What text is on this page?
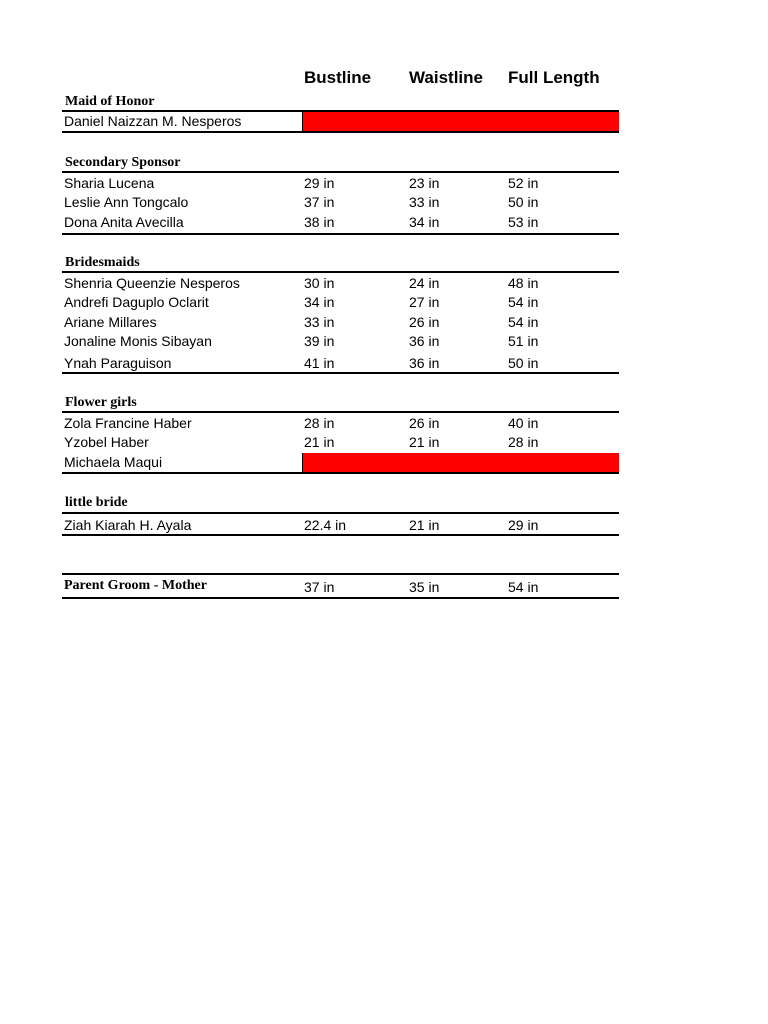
Bustline Waistline Full Length
Maid of Honor
Daniel Naizzan M. Nesperos
Secondary Sponsor
Sharia Lucena	29 in	23 in	52 in
Leslie Ann Tongcalo	37 in	33 in	50 in
Dona Anita Avecilla	38 in	34 in	53 in
Bridesmaids
Shenria Queenzie Nesperos	30 in	24 in	48 in
Andrefi Daguplo Oclarit	34 in	27 in	54 in
Ariane Millares	33 in	26 in	54 in
Jonaline Monis Sibayan	39 in	36 in	51 in
Ynah Paraguison	41 in	36 in	50 in
Flower girls
Zola Francine Haber	28 in	26 in	40 in
Yzobel Haber	21 in	21 in	28 in
Michaela Maqui
little bride
Ziah Kiarah H. Ayala	22.4 in	21 in	29 in
Parent Groom - Mother	37 in	35 in	54 in
